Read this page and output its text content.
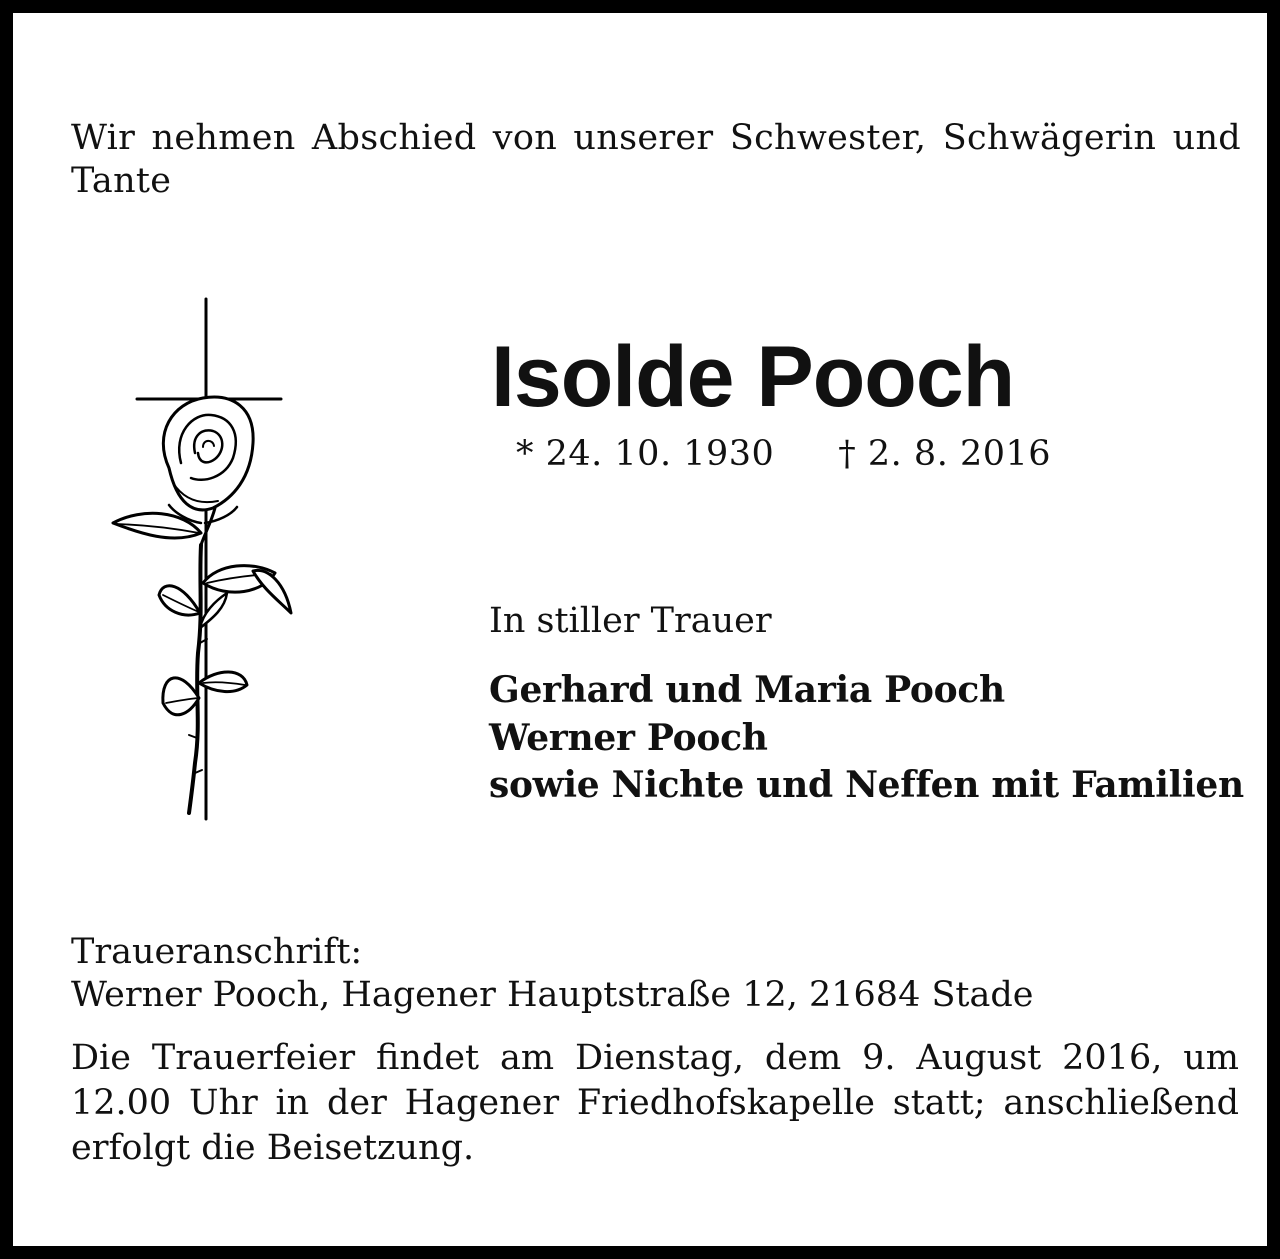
Wir nehmen Abschied von unserer Schwester, Schwägerin und Tante

Isolde Pooch
* 24. 10. 1930 † 2. 8. 2016
In stiller Trauer
Gerhard und Maria Pooch
Werner Pooch
sowie Nichte und Neffen mit Familien
Traueranschrift:
Werner Pooch, Hagener Hauptstraße 12, 21684 Stade

Die Trauerfeier findet am Dienstag, dem 9. August 2016, um 12.00 Uhr in der Hagener Friedhofskapelle statt; anschließend erfolgt die Beisetzung.
